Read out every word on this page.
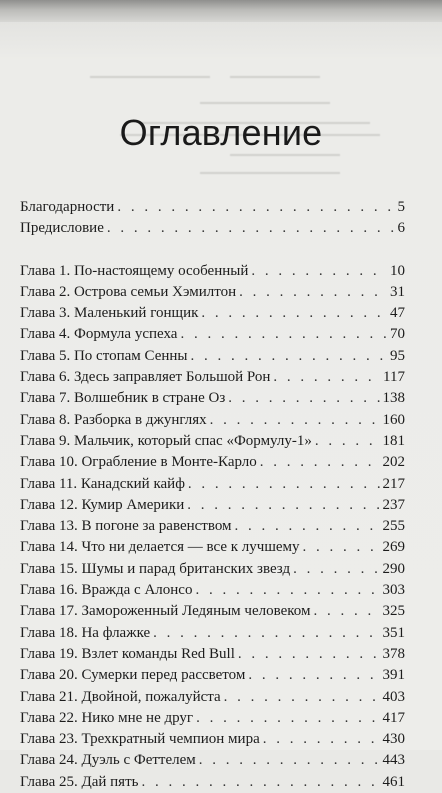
Оглавление
Благодарности . . .	5
Предисловие . . .	6
Глава 1. По-настоящему особенный . . .	10
Глава 2. Острова семьи Хэмилтон . . .	31
Глава 3. Маленький гонщик . . .	47
Глава 4. Формула успеха . . .	70
Глава 5. По стопам Сенны . . .	95
Глава 6. Здесь заправляет Большой Рон . . .	117
Глава 7. Волшебник в стране Оз . . .	138
Глава 8. Разборка в джунглях . . .	160
Глава 9. Мальчик, который спас «Формулу-1» . . .	181
Глава 10. Ограбление в Монте-Карло . . .	202
Глава 11. Канадский кайф . . .	217
Глава 12. Кумир Америки . . .	237
Глава 13. В погоне за равенством . . .	255
Глава 14. Что ни делается — все к лучшему . . .	269
Глава 15. Шумы и парад британских звезд . . .	290
Глава 16. Вражда с Алонсо . . .	303
Глава 17. Замороженный Ледяным человеком . . .	325
Глава 18. На флажке . . .	351
Глава 19. Взлет команды Red Bull . . .	378
Глава 20. Сумерки перед рассветом . . .	391
Глава 21. Двойной, пожалуйста . . .	403
Глава 22. Нико мне не друг . . .	417
Глава 23. Трехкратный чемпион мира . . .	430
Глава 24. Дуэль с Феттелем . . .	443
Глава 25. Дай пять . . .	461
